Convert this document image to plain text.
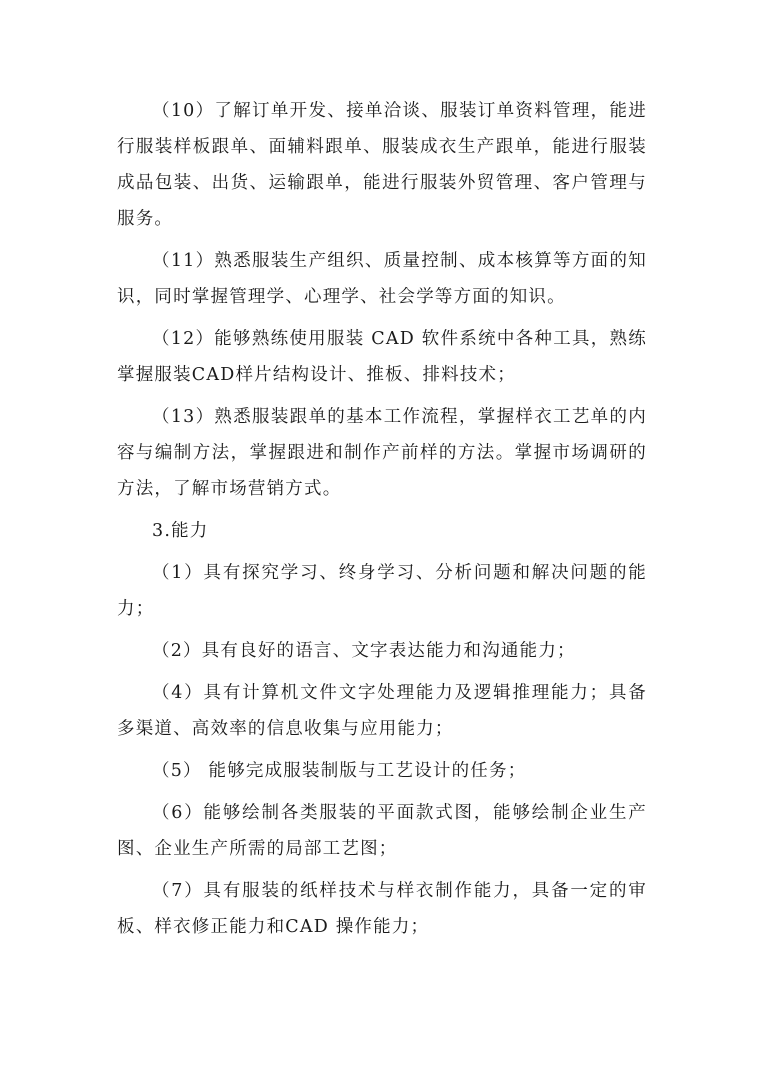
（10）了解订单开发、接单洽谈、服装订单资料管理，能进行服装样板跟单、面辅料跟单、服装成衣生产跟单，能进行服装成品包装、出货、运输跟单，能进行服装外贸管理、客户管理与服务。

（11）熟悉服装生产组织、质量控制、成本核算等方面的知识，同时掌握管理学、心理学、社会学等方面的知识。

（12）能够熟练使用服装 CAD 软件系统中各种工具，熟练掌握服装CAD样片结构设计、推板、排料技术；

（13）熟悉服装跟单的基本工作流程，掌握样衣工艺单的内容与编制方法，掌握跟进和制作产前样的方法。掌握市场调研的方法，了解市场营销方式。

3.能力

（1）具有探究学习、终身学习、分析问题和解决问题的能力；

（2）具有良好的语言、文字表达能力和沟通能力；

（4）具有计算机文件文字处理能力及逻辑推理能力；具备多渠道、高效率的信息收集与应用能力；

（5） 能够完成服装制版与工艺设计的任务；

（6）能够绘制各类服装的平面款式图，能够绘制企业生产图、企业生产所需的局部工艺图；

（7）具有服装的纸样技术与样衣制作能力，具备一定的审板、样衣修正能力和CAD 操作能力；
